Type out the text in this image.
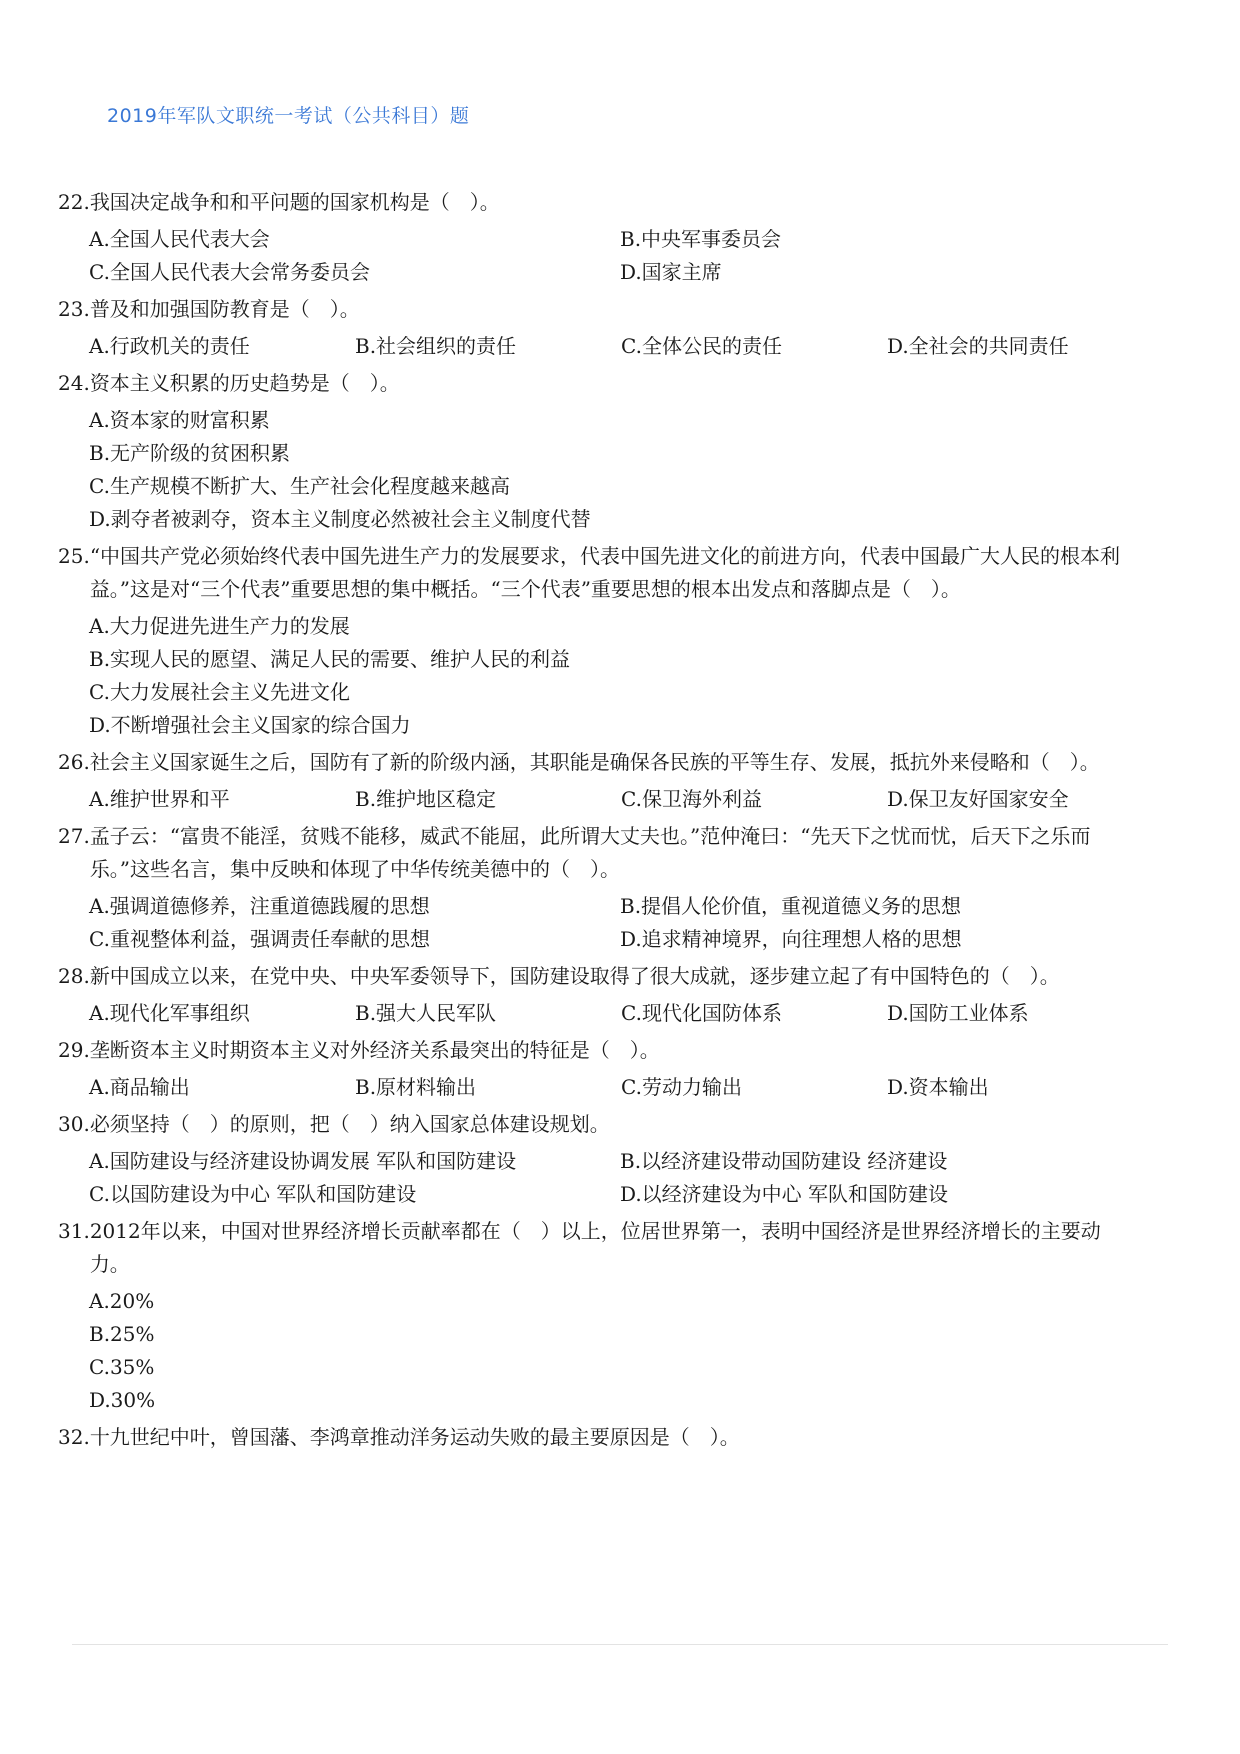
2019年军队文职统一考试（公共科目）题
22. 我国决定战争和和平问题的国家机构是（　）。
A.全国人民代表大会	B.中央军事委员会
C.全国人民代表大会常务委员会	D.国家主席
23. 普及和加强国防教育是（　）。
A.行政机关的责任	B.社会组织的责任	C.全体公民的责任	D.全社会的共同责任
24. 资本主义积累的历史趋势是（　）。
A.资本家的财富积累
B.无产阶级的贫困积累
C.生产规模不断扩大、生产社会化程度越来越高
D.剥夺者被剥夺，资本主义制度必然被社会主义制度代替
25. “中国共产党必须始终代表中国先进生产力的发展要求，代表中国先进文化的前进方向，代表中国最广大人民的根本利益。”这是对“三个代表”重要思想的集中概括。“三个代表”重要思想的根本出发点和落脚点是（　）。
A.大力促进先进生产力的发展
B.实现人民的愿望、满足人民的需要、维护人民的利益
C.大力发展社会主义先进文化
D.不断增强社会主义国家的综合国力
26. 社会主义国家诞生之后，国防有了新的阶级内涵，其职能是确保各民族的平等生存、发展，抵抗外来侵略和（　）。
A.维护世界和平	B.维护地区稳定	C.保卫海外利益	D.保卫友好国家安全
27. 孟子云：“富贵不能淫，贫贱不能移，威武不能屈，此所谓大丈夫也。”范仲淹曰：“先天下之忧而忧，后天下之乐而乐。”这些名言，集中反映和体现了中华传统美德中的（　）。
A.强调道德修养，注重道德践履的思想	B.提倡人伦价值，重视道德义务的思想
C.重视整体利益，强调责任奉献的思想	D.追求精神境界，向往理想人格的思想
28. 新中国成立以来，在党中央、中央军委领导下，国防建设取得了很大成就，逐步建立起了有中国特色的（　）。
A.现代化军事组织	B.强大人民军队	C.现代化国防体系	D.国防工业体系
29. 垄断资本主义时期资本主义对外经济关系最突出的特征是（　）。
A.商品输出	B.原材料输出	C.劳动力输出	D.资本输出
30. 必须坚持（　）的原则，把（　）纳入国家总体建设规划。
A.国防建设与经济建设协调发展 军队和国防建设	B.以经济建设带动国防建设 经济建设
C.以国防建设为中心 军队和国防建设	D.以经济建设为中心 军队和国防建设
31. 2012年以来，中国对世界经济增长贡献率都在（　）以上，位居世界第一，表明中国经济是世界经济增长的主要动力。
A.20%
B.25%
C.35%
D.30%
32. 十九世纪中叶，曾国藩、李鸿章推动洋务运动失败的最主要原因是（　）。
